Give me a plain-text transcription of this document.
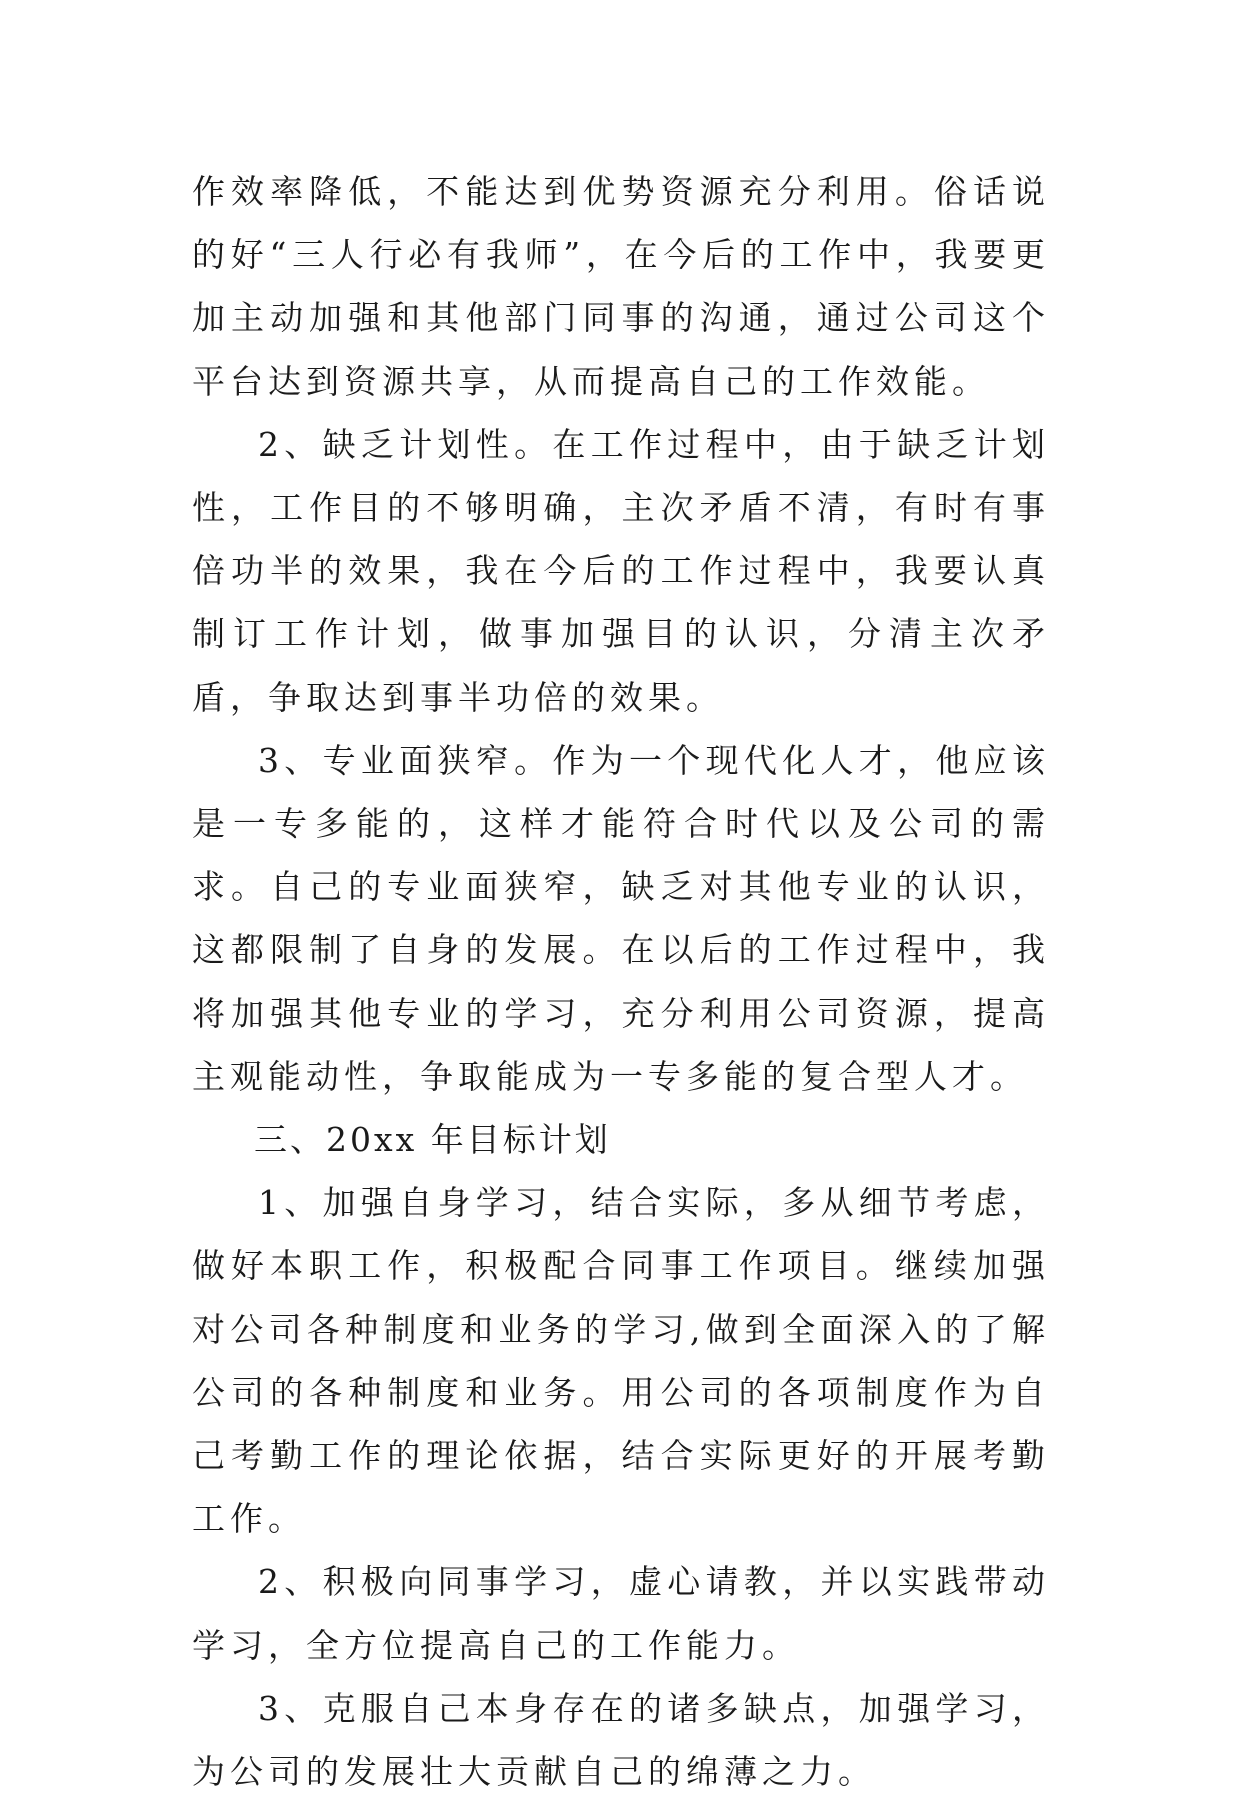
作效率降低，不能达到优势资源充分利用。俗话说的好“三人行必有我师”，在今后的工作中，我要更加主动加强和其他部门同事的沟通，通过公司这个平台达到资源共享，从而提高自己的工作效能。

2、缺乏计划性。在工作过程中，由于缺乏计划性，工作目的不够明确，主次矛盾不清，有时有事倍功半的效果，我在今后的工作过程中，我要认真制订工作计划，做事加强目的认识，分清主次矛盾，争取达到事半功倍的效果。

3、专业面狭窄。作为一个现代化人才，他应该是一专多能的，这样才能符合时代以及公司的需求。自己的专业面狭窄，缺乏对其他专业的认识，这都限制了自身的发展。在以后的工作过程中，我将加强其他专业的学习，充分利用公司资源，提高主观能动性，争取能成为一专多能的复合型人才。

三、20xx 年目标计划

1、加强自身学习，结合实际，多从细节考虑，做好本职工作，积极配合同事工作项目。继续加强对公司各种制度和业务的学习,做到全面深入的了解公司的各种制度和业务。用公司的各项制度作为自己考勤工作的理论依据，结合实际更好的开展考勤工作。

2、积极向同事学习，虚心请教，并以实践带动学习，全方位提高自己的工作能力。

3、克服自己本身存在的诸多缺点，加强学习，为公司的发展壮大贡献自己的绵薄之力。
